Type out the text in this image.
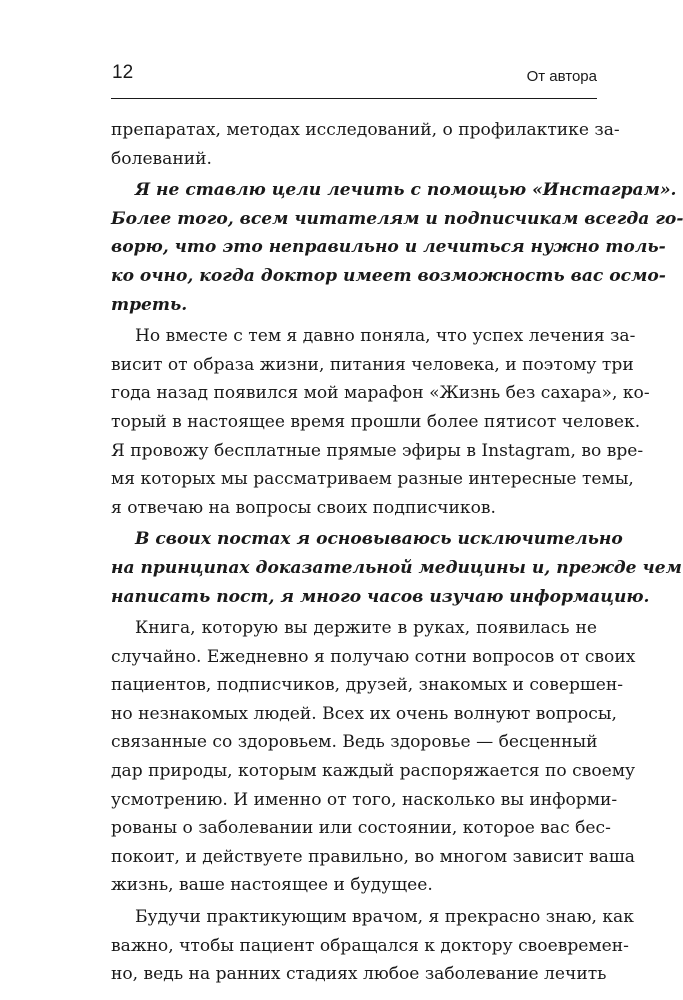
12	От автора
препаратах, методах исследований, о профилактике за-
болеваний.
Я не ставлю цели лечить с помощью «Инстаграм».
Более того, всем читателям и подписчикам всегда го-
ворю, что это неправильно и лечиться нужно толь-
ко очно, когда доктор имеет возможность вас осмо-
треть.
Но вместе с тем я давно поняла, что успех лечения за-
висит от образа жизни, питания человека, и поэтому три
года назад появился мой марафон «Жизнь без сахара», ко-
торый в настоящее время прошли более пятисот человек.
Я провожу бесплатные прямые эфиры в Instagram, во вре-
мя которых мы рассматриваем разные интересные темы,
я отвечаю на вопросы своих подписчиков.
В своих постах я основываюсь исключительно
на принципах доказательной медицины и, прежде чем
написать пост, я много часов изучаю информацию.
Книга, которую вы держите в руках, появилась не
случайно. Ежедневно я получаю сотни вопросов от своих
пациентов, подписчиков, друзей, знакомых и совершен-
но незнакомых людей. Всех их очень волнуют вопросы,
связанные со здоровьем. Ведь здоровье — бесценный
дар природы, которым каждый распоряжается по своему
усмотрению. И именно от того, насколько вы информи-
рованы о заболевании или состоянии, которое вас бес-
покоит, и действуете правильно, во многом зависит ваша
жизнь, ваше настоящее и будущее.
Будучи практикующим врачом, я прекрасно знаю, как
важно, чтобы пациент обращался к доктору своевремен-
но, ведь на ранних стадиях любое заболевание лечить
